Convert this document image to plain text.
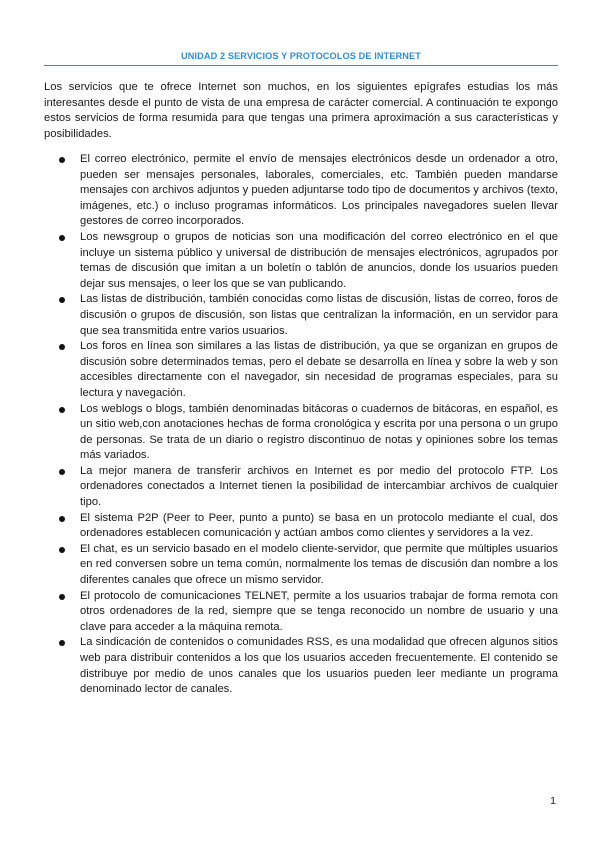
UNIDAD 2 SERVICIOS Y PROTOCOLOS DE INTERNET

Los servicios que te ofrece Internet son muchos, en los siguientes epígrafes estudias los más interesantes desde el punto de vista de una empresa de carácter comercial. A continuación te expongo estos servicios de forma resumida para que tengas una primera aproximación a sus características y posibilidades.

El correo electrónico, permite el envío de mensajes electrónicos desde un ordenador a otro, pueden ser mensajes personales, laborales, comerciales, etc. También pueden mandarse mensajes con archivos adjuntos y pueden adjuntarse todo tipo de documentos y archivos (texto, imágenes, etc.) o incluso programas informáticos. Los principales navegadores suelen llevar gestores de correo incorporados.
Los newsgroup o grupos de noticias son una modificación del correo electrónico en el que incluye un sistema público y universal de distribución de mensajes electrónicos, agrupados por temas de discusión que imitan a un boletín o tablón de anuncios, donde los usuarios pueden dejar sus mensajes, o leer los que se van publicando.
Las listas de distribución, también conocidas como listas de discusión, listas de correo, foros de discusión o grupos de discusión, son listas que centralizan la información, en un servidor para que sea transmitida entre varios usuarios.
Los foros en línea son similares a las listas de distribución, ya que se organizan en grupos de discusión sobre determinados temas, pero el debate se desarrolla en línea y sobre la web y son accesibles directamente con el navegador, sin necesidad de programas especiales, para su lectura y navegación.
Los weblogs o blogs, también denominadas bitácoras o cuadernos de bitácoras, en español, es un sitio web,con anotaciones hechas de forma cronológica y escrita por una persona o un grupo de personas. Se trata de un diario o registro discontinuo de notas y opiniones sobre los temas más variados.
La mejor manera de transferir archivos en Internet es por medio del protocolo FTP. Los ordenadores conectados a Internet tienen la posibilidad de intercambiar archivos de cualquier tipo.
El sistema P2P (Peer to Peer, punto a punto) se basa en un protocolo mediante el cual, dos ordenadores establecen comunicación y actúan ambos como clientes y servidores a la vez.
El chat, es un servicio basado en el modelo cliente-servidor, que permite que múltiples usuarios en red conversen sobre un tema común, normalmente los temas de discusión dan nombre a los diferentes canales que ofrece un mismo servidor.
El protocolo de comunicaciones TELNET, permite a los usuarios trabajar de forma remota con otros ordenadores de la red, siempre que se tenga reconocido un nombre de usuario y una clave para acceder a la máquina remota.
La sindicación de contenidos o comunidades RSS, es una modalidad que ofrecen algunos sitios web para distribuir contenidos a los que los usuarios acceden frecuentemente. El contenido se distribuye por medio de unos canales que los usuarios pueden leer mediante un programa denominado lector de canales.
1
